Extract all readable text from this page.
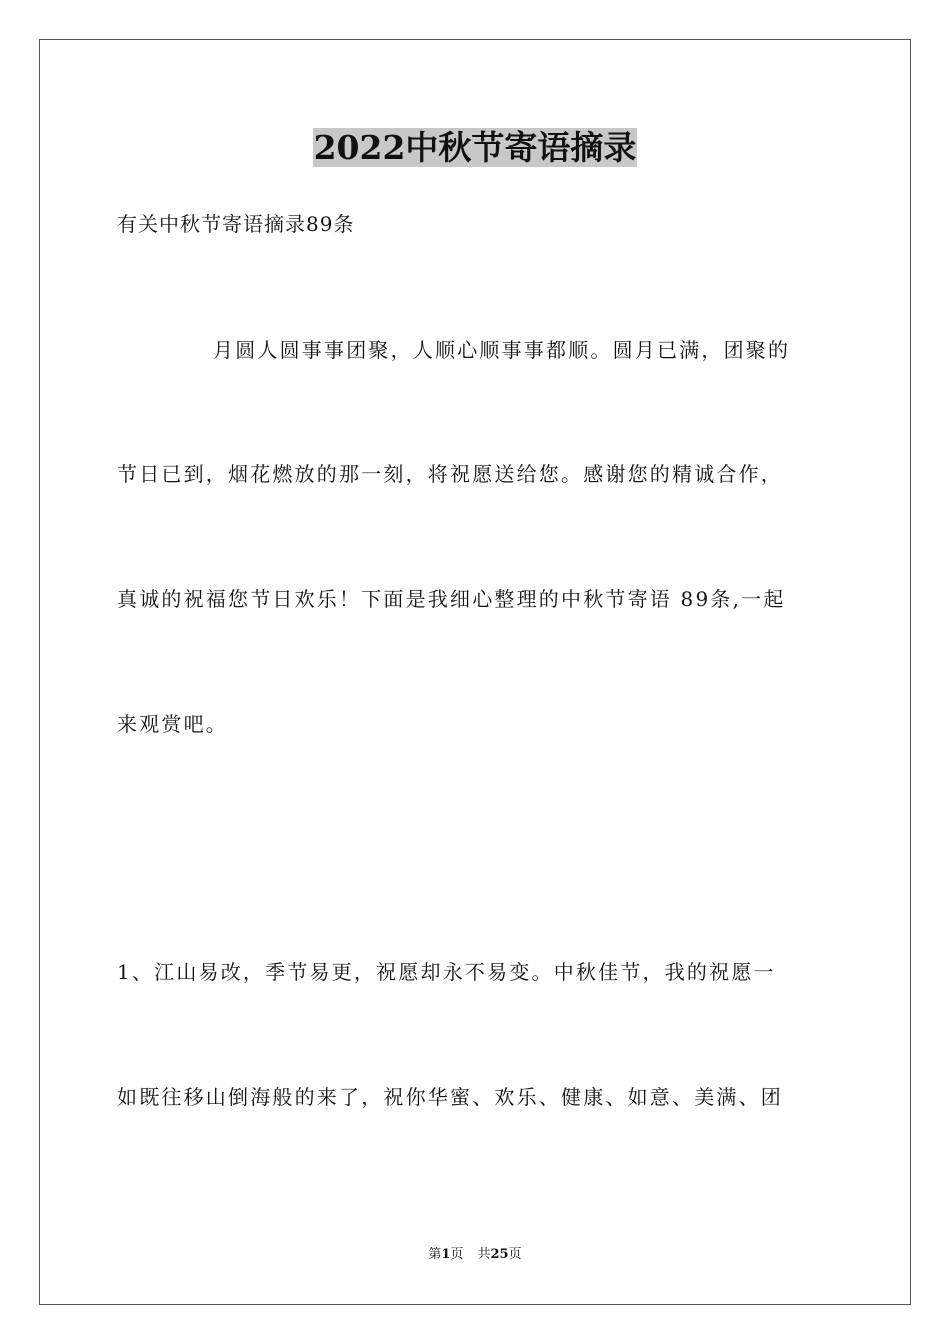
2022中秋节寄语摘录
有关中秋节寄语摘录89条
月圆人圆事事团聚，人顺心顺事事都顺。圆月已满，团聚的
节日已到，烟花燃放的那一刻，将祝愿送给您。感谢您的精诚合作，
真诚的祝福您节日欢乐！下面是我细心整理的中秋节寄语 89条,一起
来观赏吧。
1、江山易改，季节易更，祝愿却永不易变。中秋佳节，我的祝愿一
如既往移山倒海般的来了，祝你华蜜、欢乐、健康、如意、美满、团
第1页 共25页
